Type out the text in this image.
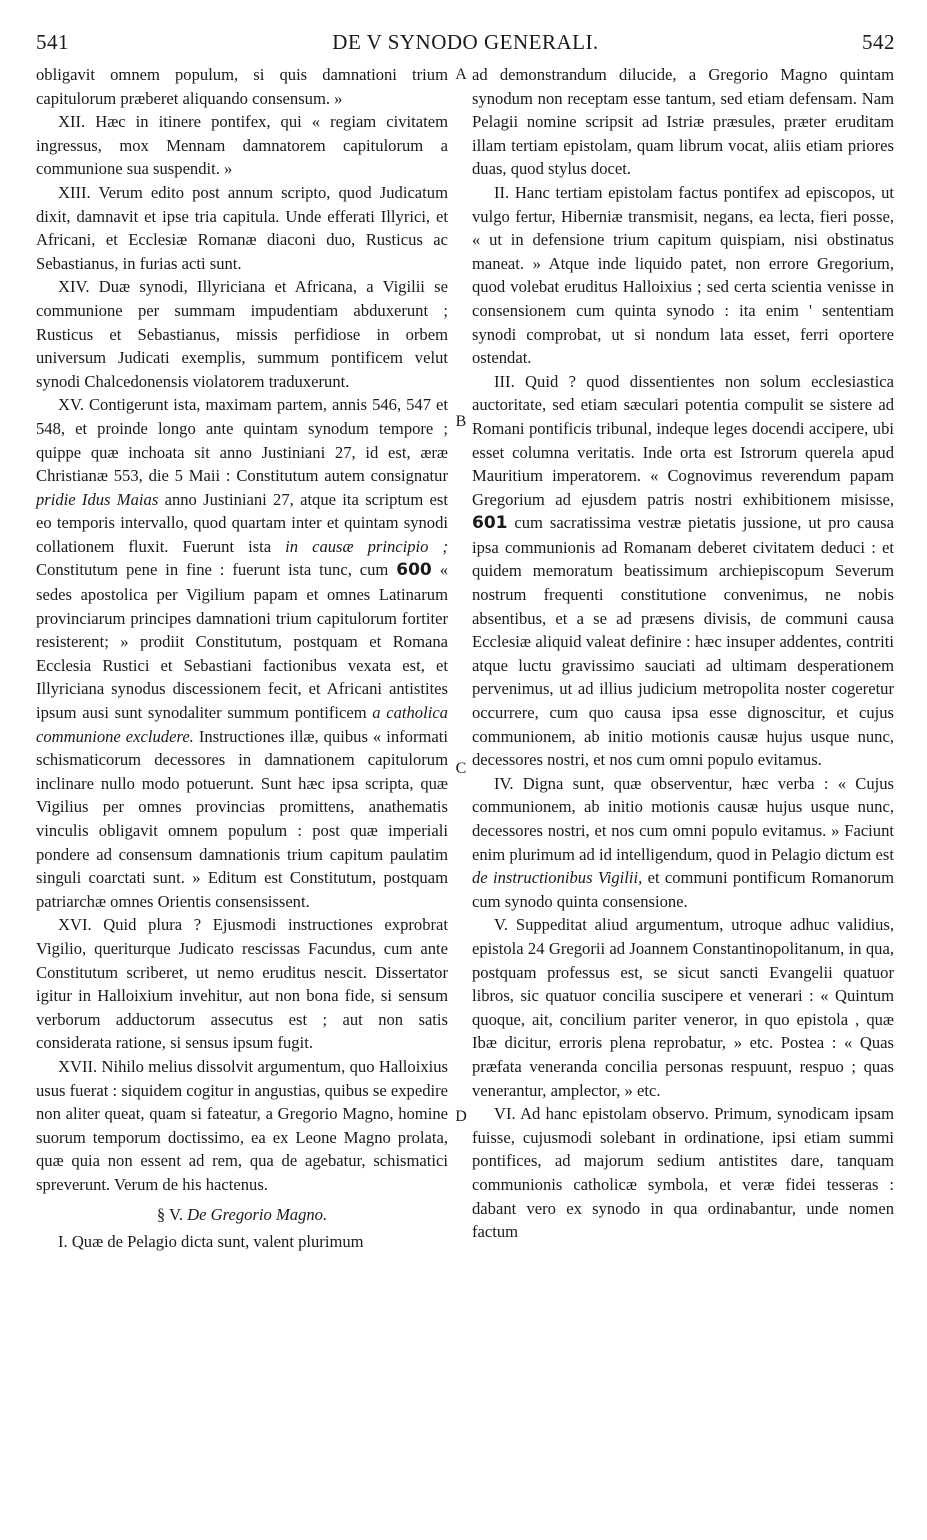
541	DE V SYNODO GENERALI.	542
A
B
C
D

obligavit omnem populum, si quis damnationi trium capitulorum præberet aliquando consensum. »

XII. Hæc in itinere pontifex, qui « regiam civitatem ingressus, mox Mennam damnatorem capitulorum a communione sua suspendit. »

XIII. Verum edito post annum scripto, quod Judicatum dixit, damnavit et ipse tria capitula. Unde efferati Illyrici, et Africani, et Ecclesiæ Romanæ diaconi duo, Rusticus ac Sebastianus, in furias acti sunt.

XIV. Duæ synodi, Illyriciana et Africana, a Vigilii se communione per summam impudentiam abduxerunt ; Rusticus et Sebastianus, missis perfidiose in orbem universum Judicati exemplis, summum pontificem velut synodi Chalcedonensis violatorem traduxerunt.

XV. Contigerunt ista, maximam partem, annis 546, 547 et 548, et proinde longo ante quintam synodum tempore ; quippe quæ inchoata sit anno Justiniani 27, id est, æræ Christianæ 553, die 5 Maii : Constitutum autem consignatur pridie Idus Maias anno Justiniani 27, atque ita scriptum est eo temporis intervallo, quod quartam inter et quintam synodi collationem fluxit. Fuerunt ista in causæ principio ; Constitutum pene in fine : fuerunt ista tunc, cum 600 « sedes apostolica per Vigilium papam et omnes Latinarum provinciarum principes damnationi trium capitulorum fortiter resisterent; » prodiit Constitutum, postquam et Romana Ecclesia Rustici et Sebastiani factionibus vexata est, et Illyriciana synodus discessionem fecit, et Africani antistites ipsum ausi sunt synodaliter summum pontificem a catholica communione excludere. Instructiones illæ, quibus « informati schismaticorum decessores in damnationem capitulorum inclinare nullo modo potuerunt. Sunt hæc ipsa scripta, quæ Vigilius per omnes provincias promittens, anathematis vinculis obligavit omnem populum : post quæ imperiali pondere ad consensum damnationis trium capitum paulatim singuli coarctati sunt. » Editum est Constitutum, postquam patriarchæ omnes Orientis consensissent.

XVI. Quid plura ? Ejusmodi instructiones exprobrat Vigilio, queriturque Judicato rescissas Facundus, cum ante Constitutum scriberet, ut nemo eruditus nescit. Dissertator igitur in Halloixium invehitur, aut non bona fide, si sensum verborum adductorum assecutus est ; aut non satis considerata ratione, si sensus ipsum fugit.

XVII. Nihilo melius dissolvit argumentum, quo Halloixius usus fuerat : siquidem cogitur in angustias, quibus se expedire non aliter queat, quam si fateatur, a Gregorio Magno, homine suorum temporum doctissimo, ea ex Leone Magno prolata, quæ quia non essent ad rem, qua de agebatur, schismatici spreverunt. Verum de his hactenus.

§ V. De Gregorio Magno.

I. Quæ de Pelagio dicta sunt, valent plurimum

ad demonstrandum dilucide, a Gregorio Magno quintam synodum non receptam esse tantum, sed etiam defensam. Nam Pelagii nomine scripsit ad Istriæ præsules, præter eruditam illam tertiam epistolam, quam librum vocat, aliis etiam priores duas, quod stylus docet.

II. Hanc tertiam epistolam factus pontifex ad episcopos, ut vulgo fertur, Hiberniæ transmisit, negans, ea lecta, fieri posse, « ut in defensione trium capitum quispiam, nisi obstinatus maneat. » Atque inde liquido patet, non errore Gregorium, quod volebat eruditus Halloixius ; sed certa scientia venisse in consensionem cum quinta synodo : ita enim ' sententiam synodi comprobat, ut si nondum lata esset, ferri oportere ostendat.

III. Quid ? quod dissentientes non solum ecclesiastica auctoritate, sed etiam sæculari potentia compulit se sistere ad Romani pontificis tribunal, indeque leges docendi accipere, ubi esset columna veritatis. Inde orta est Istrorum querela apud Mauritium imperatorem. « Cognovimus reverendum papam Gregorium ad ejusdem patris nostri exhibitionem misisse, 601 cum sacratissima vestræ pietatis jussione, ut pro causa ipsa communionis ad Romanam deberet civitatem deduci : et quidem memoratum beatissimum archiepiscopum Severum nostrum frequenti constitutione convenimus, ne nobis absentibus, et a se ad præsens divisis, de communi causa Ecclesiæ aliquid valeat definire : hæc insuper addentes, contriti atque luctu gravissimo sauciati ad ultimam desperationem pervenimus, ut ad illius judicium metropolita noster cogeretur occurrere, cum quo causa ipsa esse dignoscitur, et cujus communionem, ab initio motionis causæ hujus usque nunc, decessores nostri, et nos cum omni populo evitamus.

IV. Digna sunt, quæ observentur, hæc verba : « Cujus communionem, ab initio motionis causæ hujus usque nunc, decessores nostri, et nos cum omni populo evitamus. » Faciunt enim plurimum ad id intelligendum, quod in Pelagio dictum est de instructionibus Vigilii, et communi pontificum Romanorum cum synodo quinta consensione.

V. Suppeditat aliud argumentum, utroque adhuc validius, epistola 24 Gregorii ad Joannem Constantinopolitanum, in qua, postquam professus est, se sicut sancti Evangelii quatuor libros, sic quatuor concilia suscipere et venerari : « Quintum quoque, ait, concilium pariter veneror, in quo epistola , quæ Ibæ dicitur, erroris plena reprobatur, » etc. Postea : « Quas præfata veneranda concilia personas respuunt, respuo ; quas venerantur, amplector, » etc.

VI. Ad hanc epistolam observo. Primum, synodicam ipsam fuisse, cujusmodi solebant in ordinatione, ipsi etiam summi pontifices, ad majorum sedium antistites dare, tanquam communionis catholicæ symbola, et veræ fidei tesseras : dabant vero ex synodo in qua ordinabantur, unde nomen factum
